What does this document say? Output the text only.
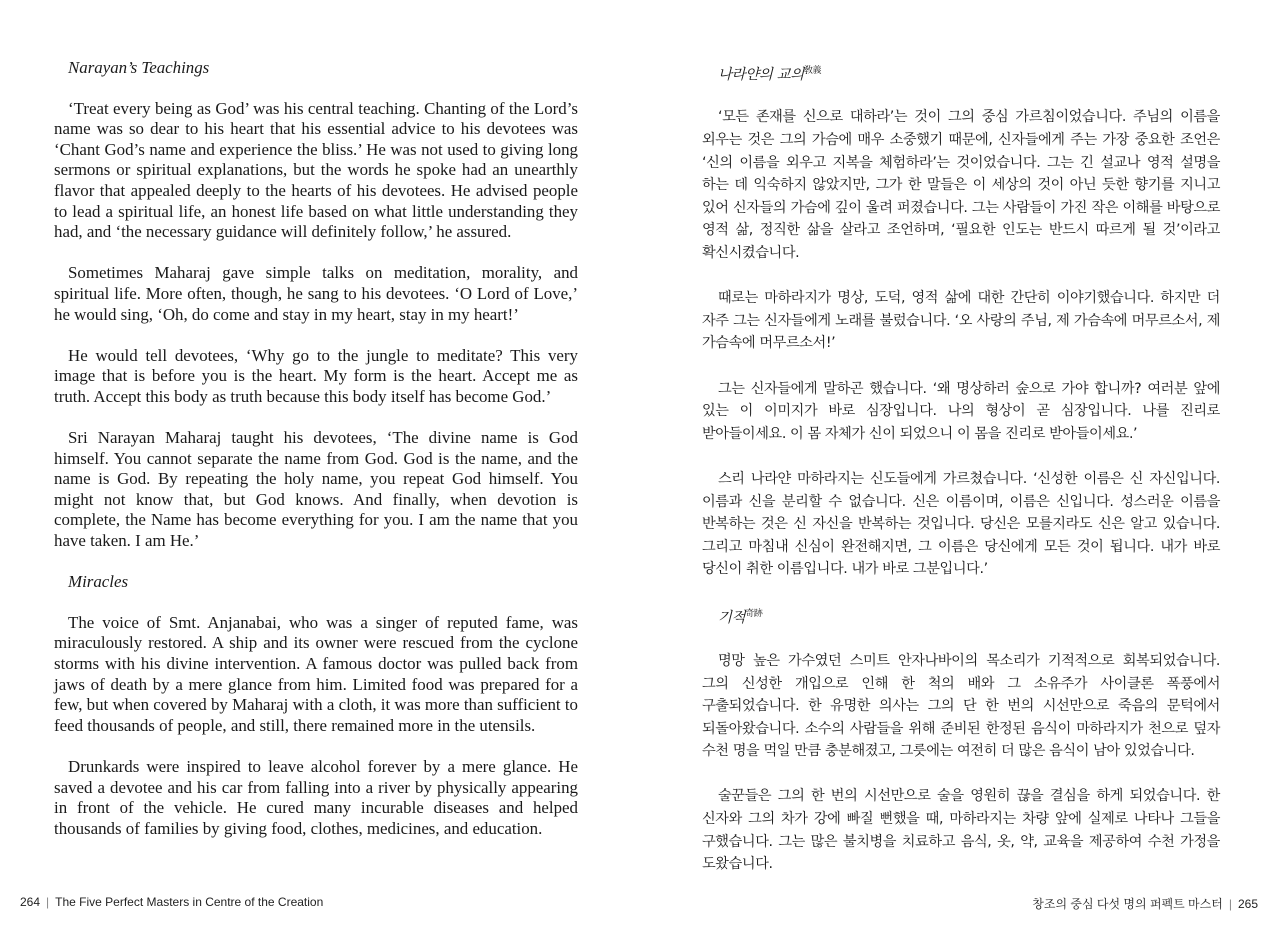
Narayan’s Teachings

‘Treat every being as God’ was his central teaching. Chanting of the Lord’s name was so dear to his heart that his essential advice to his devotees was ‘Chant God’s name and experience the bliss.’ He was not used to giving long sermons or spiritual explanations, but the words he spoke had an unearthly flavor that appealed deeply to the hearts of his devotees. He advised people to lead a spiritual life, an honest life based on what little understanding they had, and ‘the necessary guidance will definitely follow,’ he assured.

Sometimes Maharaj gave simple talks on meditation, morality, and spiritual life. More often, though, he sang to his devotees. ‘O Lord of Love,’ he would sing, ‘Oh, do come and stay in my heart, stay in my heart!’

He would tell devotees, ‘Why go to the jungle to meditate? This very image that is before you is the heart. My form is the heart. Accept me as truth. Accept this body as truth because this body itself has become God.’

Sri Narayan Maharaj taught his devotees, ‘The divine name is God himself. You cannot separate the name from God. God is the name, and the name is God. By repeating the holy name, you repeat God himself. You might not know that, but God knows. And finally, when devotion is complete, the Name has become everything for you. I am the name that you have taken. I am He.’

Miracles

The voice of Smt. Anjanabai, who was a singer of reputed fame, was miraculously restored. A ship and its owner were rescued from the cyclone storms with his divine intervention. A famous doctor was pulled back from jaws of death by a mere glance from him. Limited food was prepared for a few, but when covered by Maharaj with a cloth, it was more than sufficient to feed thousands of people, and still, there remained more in the utensils.

Drunkards were inspired to leave alcohol forever by a mere glance. He saved a devotee and his car from falling into a river by physically appearing in front of the vehicle. He cured many incurable diseases and helped thousands of families by giving food, clothes, medicines, and education.

264 | The Five Perfect Masters in Centre of the Creation
나라얀의 교의$^{敎義}$

‘모든 존재를 신으로 대하라’는 것이 그의 중심 가르침이었습니다. 주님의 이름을 외우는 것은 그의 가슴에 매우 소중했기 때문에, 신자들에게 주는 가장 중요한 조언은 ‘신의 이름을 외우고 지복을 체험하라’는 것이었습니다. 그는 긴 설교나 영적 설명을 하는 데 익숙하지 않았지만, 그가 한 말들은 이 세상의 것이 아닌 듯한 향기를 지니고 있어 신자들의 가슴에 깊이 울려 퍼졌습니다. 그는 사람들이 가진 작은 이해를 바탕으로 영적 삶, 정직한 삶을 살라고 조언하며, ‘필요한 인도는 반드시 따르게 될 것’이라고 확신시켰습니다.

때로는 마하라지가 명상, 도덕, 영적 삶에 대한 간단히 이야기했습니다. 하지만 더 자주 그는 신자들에게 노래를 불렀습니다. ‘오 사랑의 주님, 제 가슴속에 머무르소서, 제 가슴속에 머무르소서!’

그는 신자들에게 말하곤 했습니다. ‘왜 명상하러 숲으로 가야 합니까? 여러분 앞에 있는 이 이미지가 바로 심장입니다. 나의 형상이 곧 심장입니다. 나를 진리로 받아들이세요. 이 몸 자체가 신이 되었으니 이 몸을 진리로 받아들이세요.’

스리 나라얀 마하라지는 신도들에게 가르쳤습니다. ‘신성한 이름은 신 자신입니다. 이름과 신을 분리할 수 없습니다. 신은 이름이며, 이름은 신입니다. 성스러운 이름을 반복하는 것은 신 자신을 반복하는 것입니다. 당신은 모를지라도 신은 알고 있습니다. 그리고 마침내 신심이 완전해지면, 그 이름은 당신에게 모든 것이 됩니다. 내가 바로 당신이 취한 이름입니다. 내가 바로 그분입니다.’

기적$^{奇跡}$

명망 높은 가수였던 스미트 안자나바이의 목소리가 기적적으로 회복되었습니다. 그의 신성한 개입으로 인해 한 척의 배와 그 소유주가 사이클론 폭풍에서 구출되었습니다. 한 유명한 의사는 그의 단 한 번의 시선만으로 죽음의 문턱에서 되돌아왔습니다. 소수의 사람들을 위해 준비된 한정된 음식이 마하라지가 천으로 덮자 수천 명을 먹일 만큼 충분해졌고, 그릇에는 여전히 더 많은 음식이 남아 있었습니다.

술꾼들은 그의 한 번의 시선만으로 술을 영원히 끊을 결심을 하게 되었습니다. 한 신자와 그의 차가 강에 빠질 뻔했을 때, 마하라지는 차량 앞에 실제로 나타나 그들을 구했습니다. 그는 많은 불치병을 치료하고 음식, 옷, 약, 교육을 제공하여 수천 가정을 도왔습니다.

창조의 중심 다섯 명의 퍼펙트 마스터 | 265
